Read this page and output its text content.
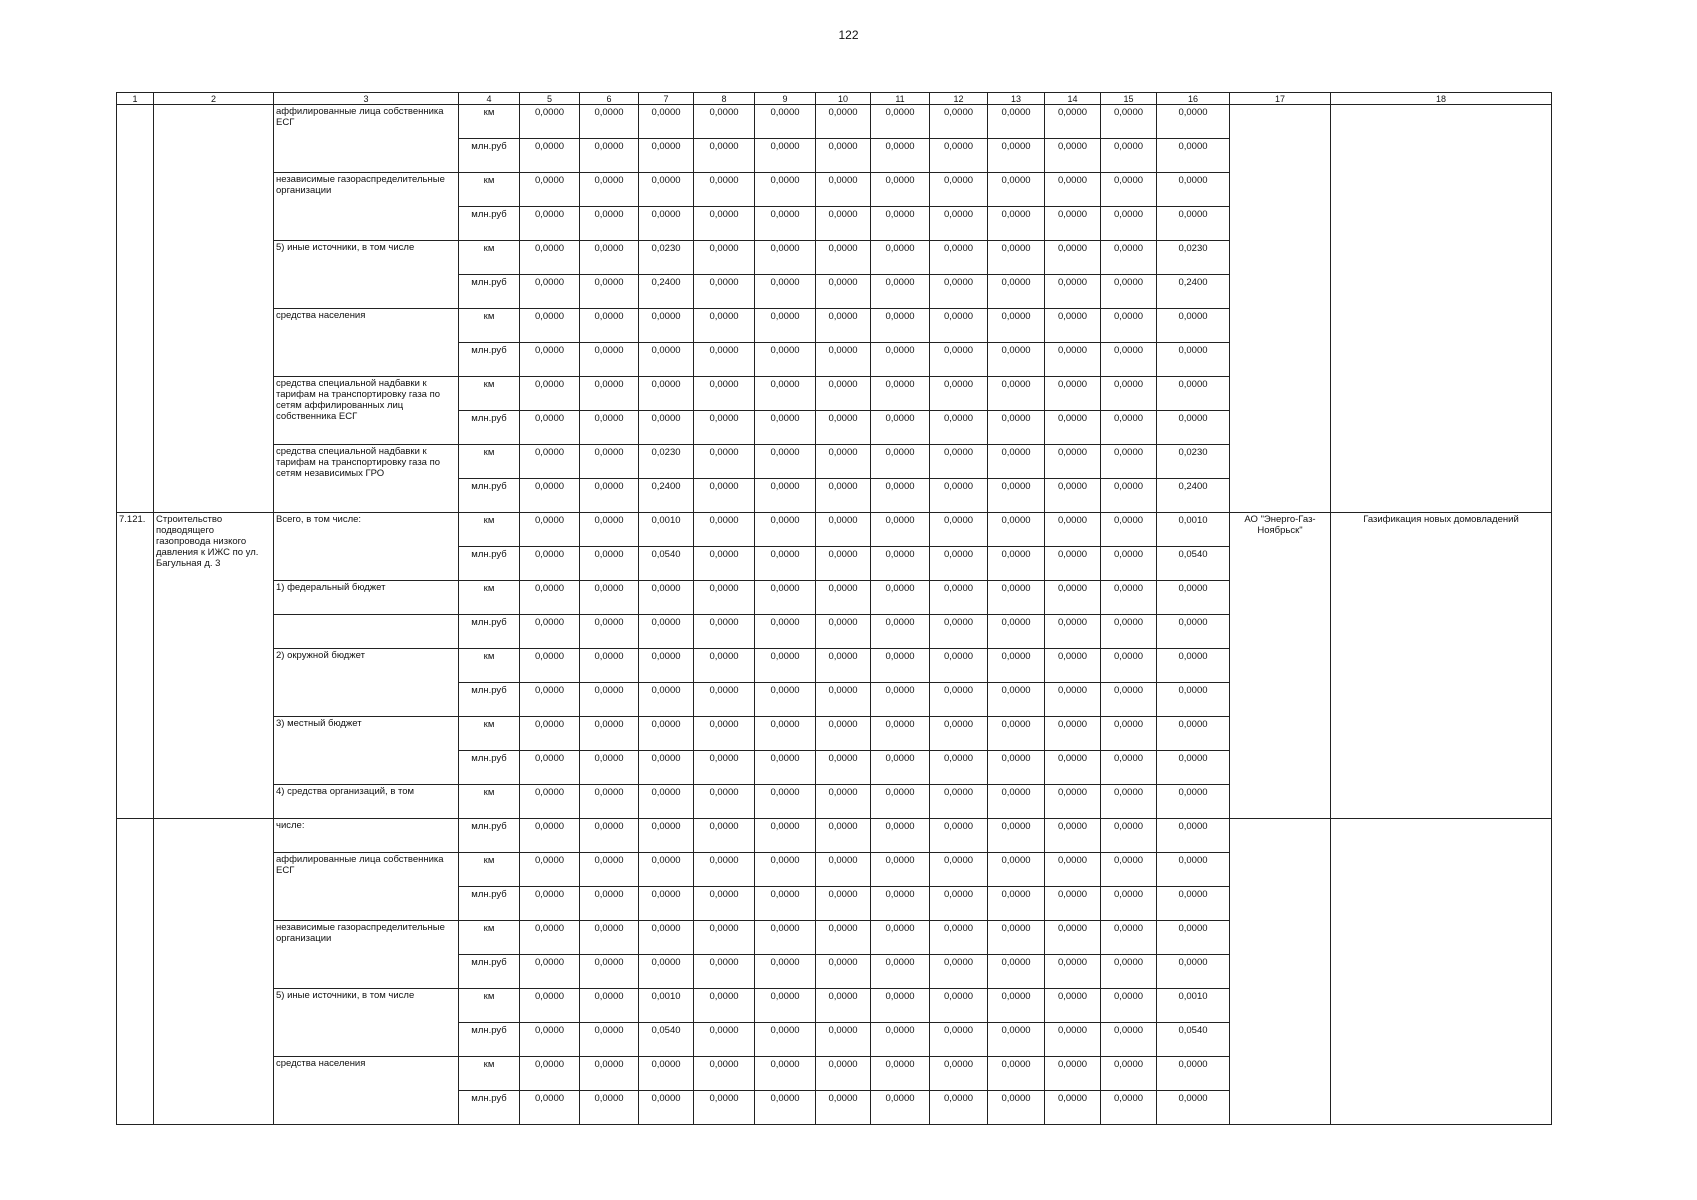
122
1	2	3	4	5	6	7	8	9	10	11	12	13	14	15	16	17	18
		аффилированные лица собственника ЕСГ	км	0,0000	0,0000	0,0000	0,0000	0,0000	0,0000	0,0000	0,0000	0,0000	0,0000	0,0000	0,0000		
			млн.руб	0,0000	0,0000	0,0000	0,0000	0,0000	0,0000	0,0000	0,0000	0,0000	0,0000	0,0000	0,0000		
		независимые газораспределительные организации	км	0,0000	0,0000	0,0000	0,0000	0,0000	0,0000	0,0000	0,0000	0,0000	0,0000	0,0000	0,0000		
			млн.руб	0,0000	0,0000	0,0000	0,0000	0,0000	0,0000	0,0000	0,0000	0,0000	0,0000	0,0000	0,0000		
		5) иные источники, в том числе	км	0,0000	0,0000	0,0230	0,0000	0,0000	0,0000	0,0000	0,0000	0,0000	0,0000	0,0000	0,0230		
			млн.руб	0,0000	0,0000	0,2400	0,0000	0,0000	0,0000	0,0000	0,0000	0,0000	0,0000	0,0000	0,2400		
		средства населения	км	0,0000	0,0000	0,0000	0,0000	0,0000	0,0000	0,0000	0,0000	0,0000	0,0000	0,0000	0,0000		
			млн.руб	0,0000	0,0000	0,0000	0,0000	0,0000	0,0000	0,0000	0,0000	0,0000	0,0000	0,0000	0,0000		
		средства специальной надбавки к тарифам на транспортировку газа по сетям аффилированных лиц собственника ЕСГ	км	0,0000	0,0000	0,0000	0,0000	0,0000	0,0000	0,0000	0,0000	0,0000	0,0000	0,0000	0,0000		
			млн.руб	0,0000	0,0000	0,0000	0,0000	0,0000	0,0000	0,0000	0,0000	0,0000	0,0000	0,0000	0,0000		
		средства специальной надбавки к тарифам на транспортировку газа по сетям независимых ГРО	км	0,0000	0,0000	0,0230	0,0000	0,0000	0,0000	0,0000	0,0000	0,0000	0,0000	0,0000	0,0230		
			млн.руб	0,0000	0,0000	0,2400	0,0000	0,0000	0,0000	0,0000	0,0000	0,0000	0,0000	0,0000	0,2400		
7.121.	Строительство подводящего газопровода низкого давления к ИЖС по ул. Багульная д. 3	Всего, в том числе:	км	0,0000	0,0000	0,0010	0,0000	0,0000	0,0000	0,0000	0,0000	0,0000	0,0000	0,0000	0,0010	АО "Энерго-Газ-Ноябрьск"	Газификация новых домовладений
			млн.руб	0,0000	0,0000	0,0540	0,0000	0,0000	0,0000	0,0000	0,0000	0,0000	0,0000	0,0000	0,0540		
		1) федеральный бюджет	км	0,0000	0,0000	0,0000	0,0000	0,0000	0,0000	0,0000	0,0000	0,0000	0,0000	0,0000	0,0000		
			млн.руб	0,0000	0,0000	0,0000	0,0000	0,0000	0,0000	0,0000	0,0000	0,0000	0,0000	0,0000	0,0000		
		2) окружной бюджет	км	0,0000	0,0000	0,0000	0,0000	0,0000	0,0000	0,0000	0,0000	0,0000	0,0000	0,0000	0,0000		
			млн.руб	0,0000	0,0000	0,0000	0,0000	0,0000	0,0000	0,0000	0,0000	0,0000	0,0000	0,0000	0,0000		
		3) местный бюджет	км	0,0000	0,0000	0,0000	0,0000	0,0000	0,0000	0,0000	0,0000	0,0000	0,0000	0,0000	0,0000		
			млн.руб	0,0000	0,0000	0,0000	0,0000	0,0000	0,0000	0,0000	0,0000	0,0000	0,0000	0,0000	0,0000		
		4) средства организаций, в том	км	0,0000	0,0000	0,0000	0,0000	0,0000	0,0000	0,0000	0,0000	0,0000	0,0000	0,0000	0,0000		
		числе:	млн.руб	0,0000	0,0000	0,0000	0,0000	0,0000	0,0000	0,0000	0,0000	0,0000	0,0000	0,0000	0,0000		
		аффилированные лица собственника ЕСГ	км	0,0000	0,0000	0,0000	0,0000	0,0000	0,0000	0,0000	0,0000	0,0000	0,0000	0,0000	0,0000		
			млн.руб	0,0000	0,0000	0,0000	0,0000	0,0000	0,0000	0,0000	0,0000	0,0000	0,0000	0,0000	0,0000		
		независимые газораспределительные организации	км	0,0000	0,0000	0,0000	0,0000	0,0000	0,0000	0,0000	0,0000	0,0000	0,0000	0,0000	0,0000		
			млн.руб	0,0000	0,0000	0,0000	0,0000	0,0000	0,0000	0,0000	0,0000	0,0000	0,0000	0,0000	0,0000		
		5) иные источники, в том числе	км	0,0000	0,0000	0,0010	0,0000	0,0000	0,0000	0,0000	0,0000	0,0000	0,0000	0,0000	0,0010		
			млн.руб	0,0000	0,0000	0,0540	0,0000	0,0000	0,0000	0,0000	0,0000	0,0000	0,0000	0,0000	0,0540		
		средства населения	км	0,0000	0,0000	0,0000	0,0000	0,0000	0,0000	0,0000	0,0000	0,0000	0,0000	0,0000	0,0000		
			млн.руб	0,0000	0,0000	0,0000	0,0000	0,0000	0,0000	0,0000	0,0000	0,0000	0,0000	0,0000	0,0000		
